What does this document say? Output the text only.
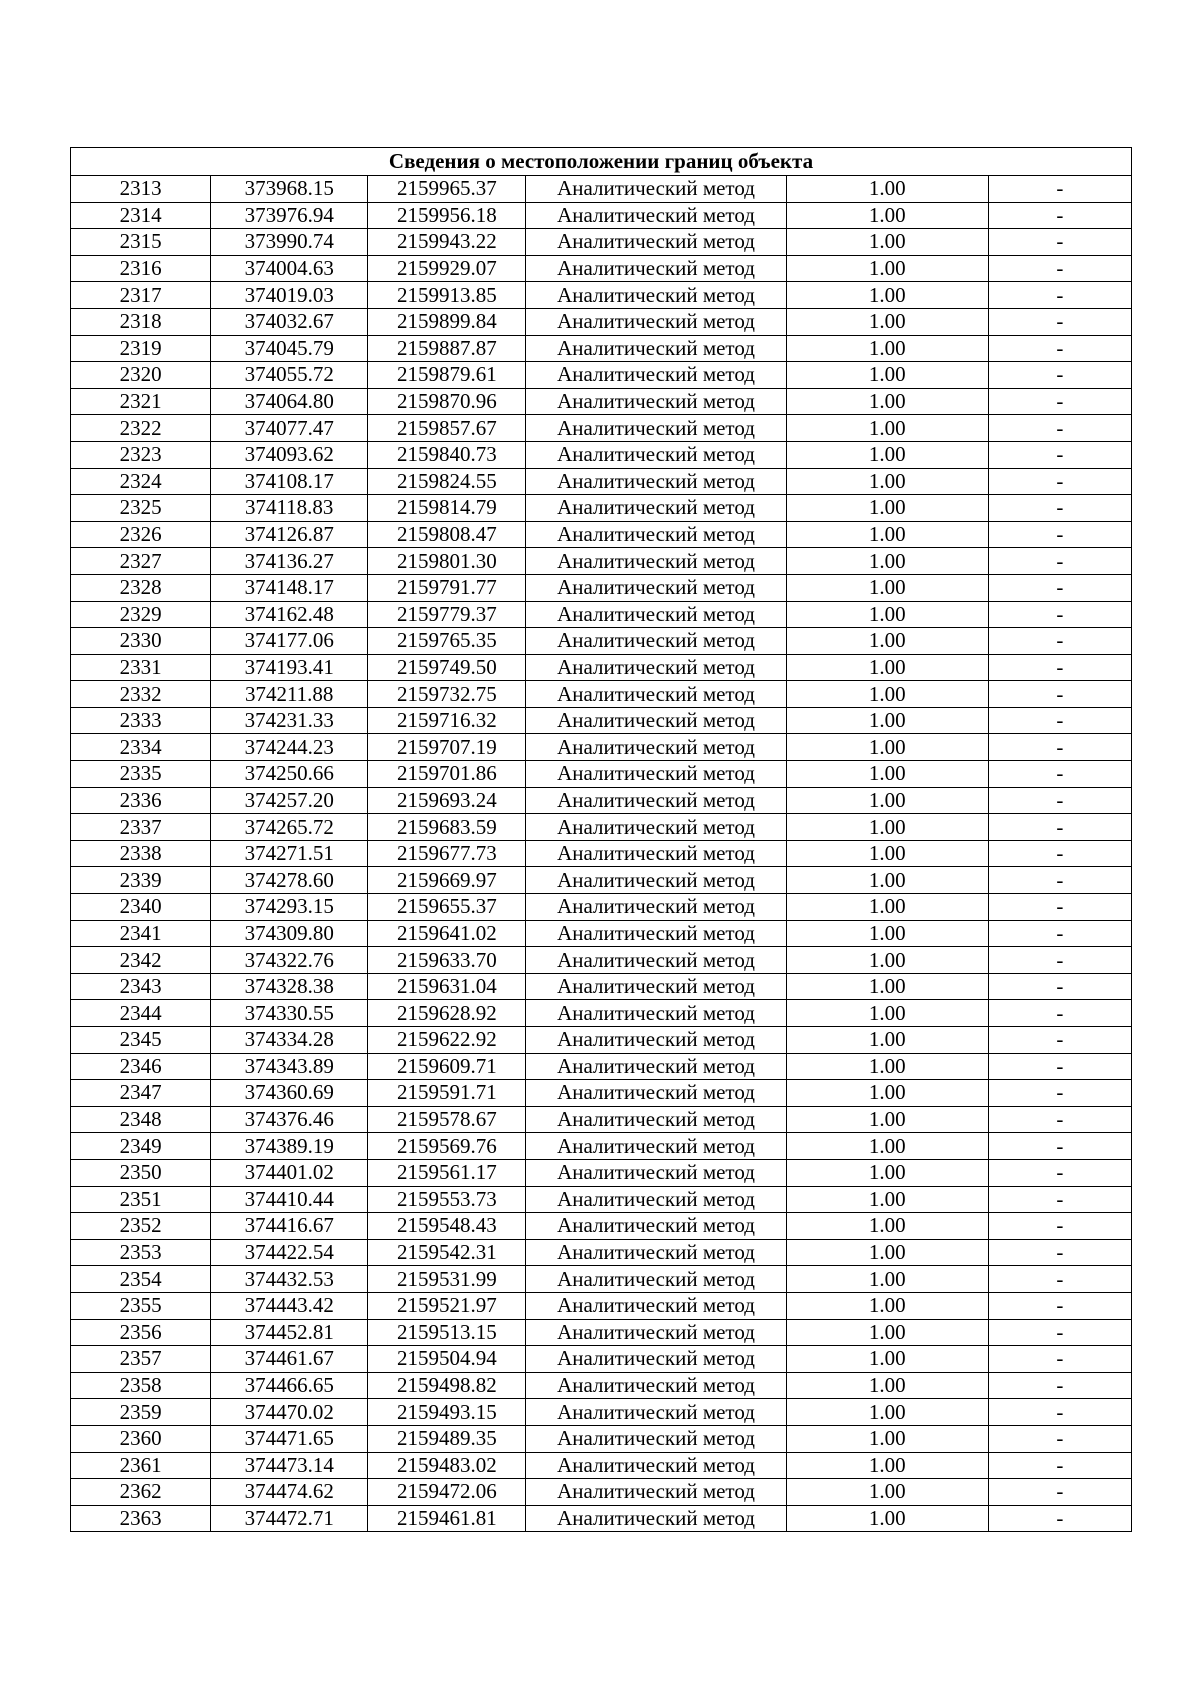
Сведения о местоположении границ объекта					
2313	373968.15	2159965.37	Аналитический метод	1.00	-
2314	373976.94	2159956.18	Аналитический метод	1.00	-
2315	373990.74	2159943.22	Аналитический метод	1.00	-
2316	374004.63	2159929.07	Аналитический метод	1.00	-
2317	374019.03	2159913.85	Аналитический метод	1.00	-
2318	374032.67	2159899.84	Аналитический метод	1.00	-
2319	374045.79	2159887.87	Аналитический метод	1.00	-
2320	374055.72	2159879.61	Аналитический метод	1.00	-
2321	374064.80	2159870.96	Аналитический метод	1.00	-
2322	374077.47	2159857.67	Аналитический метод	1.00	-
2323	374093.62	2159840.73	Аналитический метод	1.00	-
2324	374108.17	2159824.55	Аналитический метод	1.00	-
2325	374118.83	2159814.79	Аналитический метод	1.00	-
2326	374126.87	2159808.47	Аналитический метод	1.00	-
2327	374136.27	2159801.30	Аналитический метод	1.00	-
2328	374148.17	2159791.77	Аналитический метод	1.00	-
2329	374162.48	2159779.37	Аналитический метод	1.00	-
2330	374177.06	2159765.35	Аналитический метод	1.00	-
2331	374193.41	2159749.50	Аналитический метод	1.00	-
2332	374211.88	2159732.75	Аналитический метод	1.00	-
2333	374231.33	2159716.32	Аналитический метод	1.00	-
2334	374244.23	2159707.19	Аналитический метод	1.00	-
2335	374250.66	2159701.86	Аналитический метод	1.00	-
2336	374257.20	2159693.24	Аналитический метод	1.00	-
2337	374265.72	2159683.59	Аналитический метод	1.00	-
2338	374271.51	2159677.73	Аналитический метод	1.00	-
2339	374278.60	2159669.97	Аналитический метод	1.00	-
2340	374293.15	2159655.37	Аналитический метод	1.00	-
2341	374309.80	2159641.02	Аналитический метод	1.00	-
2342	374322.76	2159633.70	Аналитический метод	1.00	-
2343	374328.38	2159631.04	Аналитический метод	1.00	-
2344	374330.55	2159628.92	Аналитический метод	1.00	-
2345	374334.28	2159622.92	Аналитический метод	1.00	-
2346	374343.89	2159609.71	Аналитический метод	1.00	-
2347	374360.69	2159591.71	Аналитический метод	1.00	-
2348	374376.46	2159578.67	Аналитический метод	1.00	-
2349	374389.19	2159569.76	Аналитический метод	1.00	-
2350	374401.02	2159561.17	Аналитический метод	1.00	-
2351	374410.44	2159553.73	Аналитический метод	1.00	-
2352	374416.67	2159548.43	Аналитический метод	1.00	-
2353	374422.54	2159542.31	Аналитический метод	1.00	-
2354	374432.53	2159531.99	Аналитический метод	1.00	-
2355	374443.42	2159521.97	Аналитический метод	1.00	-
2356	374452.81	2159513.15	Аналитический метод	1.00	-
2357	374461.67	2159504.94	Аналитический метод	1.00	-
2358	374466.65	2159498.82	Аналитический метод	1.00	-
2359	374470.02	2159493.15	Аналитический метод	1.00	-
2360	374471.65	2159489.35	Аналитический метод	1.00	-
2361	374473.14	2159483.02	Аналитический метод	1.00	-
2362	374474.62	2159472.06	Аналитический метод	1.00	-
2363	374472.71	2159461.81	Аналитический метод	1.00	-
